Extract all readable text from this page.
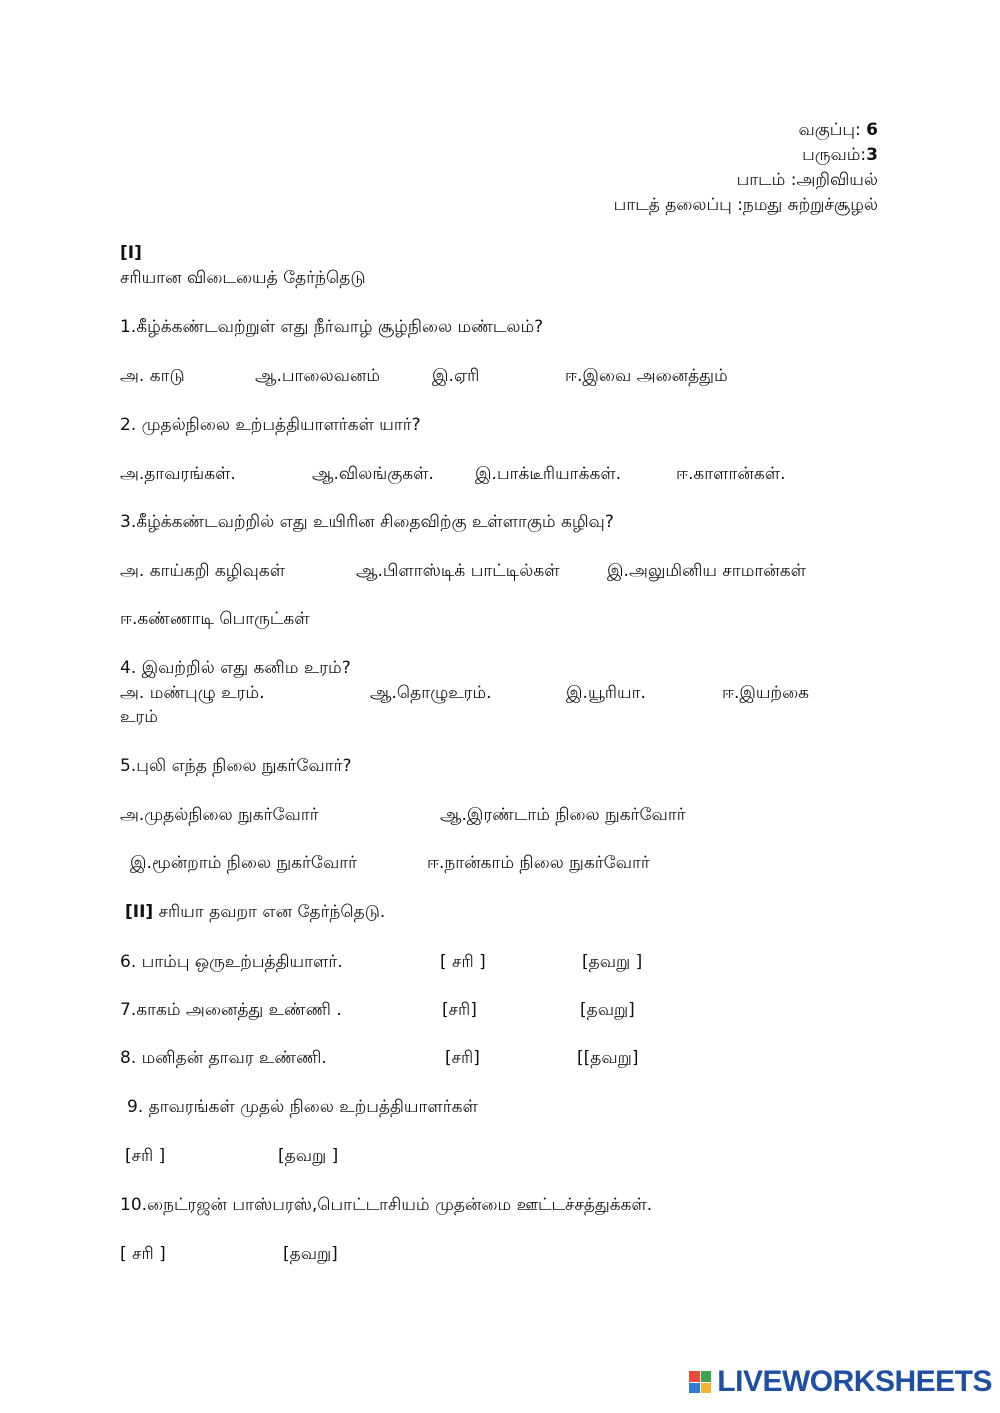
வகுப்பு: 6
பருவம்:3
பாடம் :அறிவியல்
பாடத் தலைப்பு :நமது சுற்றுச்சூழல்
[I]
சரியான விடையைத் தேர்ந்தெடு
1.கீழ்க்கண்டவற்றுள் எது நீர்வாழ் சூழ்நிலை மண்டலம்?
அ. காடு	ஆ.பாலைவனம்	இ.ஏரி	ஈ.இவை அனைத்தும்
2. முதல்நிலை உற்பத்தியாளர்கள் யார்?
அ.தாவரங்கள்.	ஆ.விலங்குகள். இ.பாக்டீரியாக்கள்.	ஈ.காளான்கள்.
3.கீழ்க்கண்டவற்றில் எது உயிரின சிதைவிற்கு உள்ளாகும் கழிவு?
அ. காய்கறி கழிவுகள்	ஆ.பிளாஸ்டிக் பாட்டில்கள்	இ.அலுமினிய சாமான்கள்
ஈ.கண்ணாடி பொருட்கள்
4. இவற்றில் எது கனிம உரம்?
அ. மண்புழு உரம்.	ஆ.தொழுஉரம்.	இ.யூரியா.	ஈ.இயற்கை
உரம்
5.புலி எந்த நிலை நுகர்வோர்?
அ.முதல்நிலை நுகர்வோர்	ஆ.இரண்டாம் நிலை நுகர்வோர்
இ.மூன்றாம் நிலை நுகர்வோர்	ஈ.நான்காம் நிலை நுகர்வோர்
[II] சரியா தவறா என தேர்ந்தெடு.
6. பாம்பு ஒருஉற்பத்தியாளர்.	[ சரி ]	[தவறு ]
7.காகம் அனைத்து உண்ணி .	[சரி]	[தவறு]
8. மனிதன் தாவர உண்ணி.	[சரி]	[[தவறு]
9. தாவரங்கள் முதல் நிலை உற்பத்தியாளர்கள்
[சரி ]	[தவறு ]
10.நைட்ரஜன் பாஸ்பரஸ்,பொட்டாசியம் முதன்மை ஊட்டச்சத்துக்கள்.
[ சரி ]	[தவறு]
LIVEWORKSHEETS
